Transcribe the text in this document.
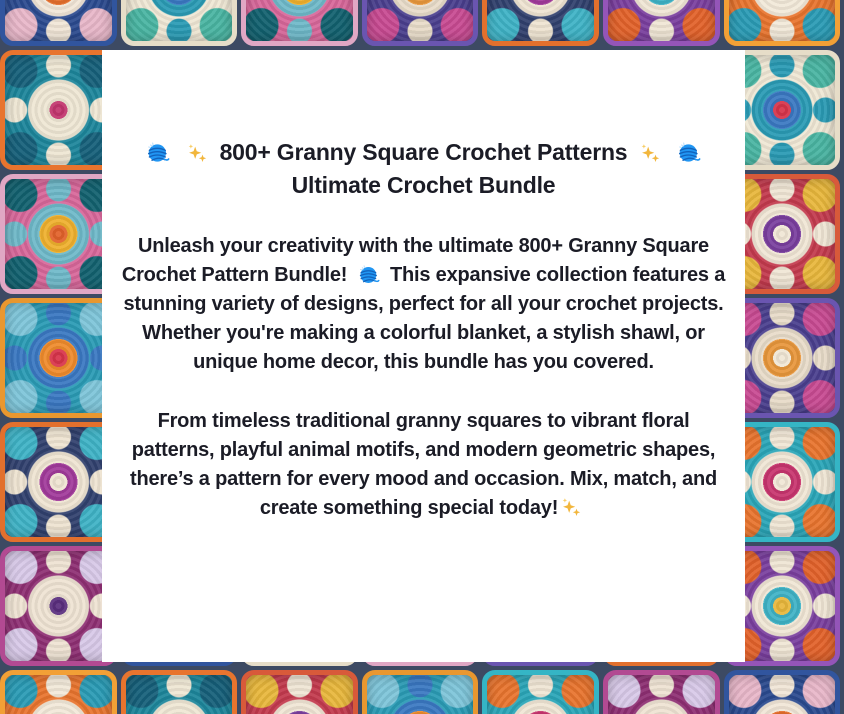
800+ Granny Square Crochet Patterns

Ultimate Crochet Bundle

Unleash your creativity with the ultimate 800+ Granny Square Crochet Pattern Bundle! This expansive collection features a stunning variety of designs, perfect for all your crochet projects. Whether you're making a colorful blanket, a stylish shawl, or unique home decor, this bundle has you covered.

From timeless traditional granny squares to vibrant floral patterns, playful animal motifs, and modern geometric shapes, there’s a pattern for every mood and occasion. Mix, match, and create something special today!
